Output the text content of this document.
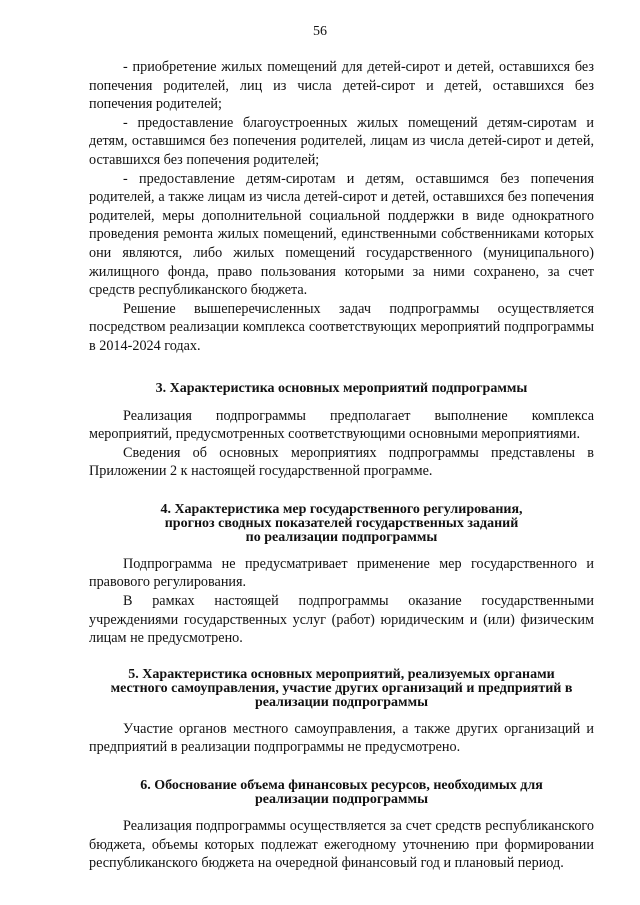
56

- приобретение жилых помещений для детей-сирот и детей, оставшихся без попечения родителей, лиц из числа детей-сирот и детей, оставшихся без попечения родителей;

- предоставление благоустроенных жилых помещений детям-сиротам и детям, оставшимся без попечения родителей, лицам из числа детей-сирот и детей, оставшихся без попечения родителей;

- предоставление детям-сиротам и детям, оставшимся без попечения родителей, а также лицам из числа детей-сирот и детей, оставшихся без попечения родителей, меры дополнительной социальной поддержки в виде однократного проведения ремонта жилых помещений, единственными собственниками которых они являются, либо жилых помещений государственного (муниципального) жилищного фонда, право пользования которыми за ними сохранено, за счет средств республиканского бюджета.

Решение вышеперечисленных задач подпрограммы осуществляется посредством реализации комплекса соответствующих мероприятий подпрограммы в 2014-2024 годах.

3. Характеристика основных мероприятий подпрограммы

Реализация подпрограммы предполагает выполнение комплекса мероприятий, предусмотренных соответствующими основными мероприятиями.

Сведения об основных мероприятиях подпрограммы представлены в Приложении 2 к настоящей государственной программе.

4. Характеристика мер государственного регулирования,

прогноз сводных показателей государственных заданий

по реализации подпрограммы

Подпрограмма не предусматривает применение мер государственного и правового регулирования.

В рамках настоящей подпрограммы оказание государственными учреждениями государственных услуг (работ) юридическим и (или) физическим лицам не предусмотрено.

5. Характеристика основных мероприятий, реализуемых органами

местного самоуправления, участие других организаций и предприятий в

реализации подпрограммы

Участие органов местного самоуправления, а также других организаций и предприятий в реализации подпрограммы не предусмотрено.

6. Обоснование объема финансовых ресурсов, необходимых для

реализации подпрограммы

Реализация подпрограммы осуществляется за счет средств республиканского бюджета, объемы которых подлежат ежегодному уточнению при формировании республиканского бюджета на очередной финансовый год и плановый период.
